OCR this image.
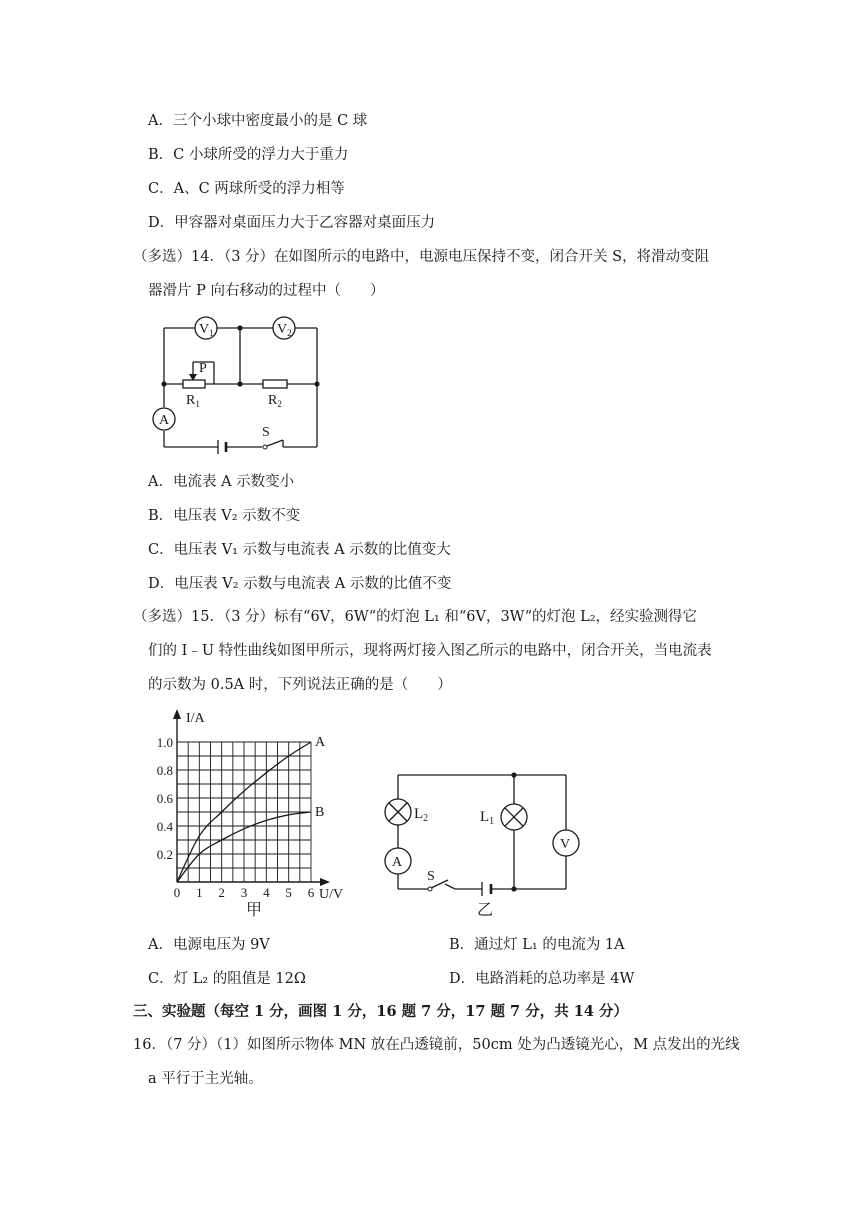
A．三个小球中密度最小的是 C 球
B．C 小球所受的浮力大于重力
C．A、C 两球所受的浮力相等
D．甲容器对桌面压力大于乙容器对桌面压力
（多选）14．（3 分）在如图所示的电路中，电源电压保持不变，闭合开关 S，将滑动变阻
器滑片 P 向右移动的过程中（　　）
$V_1$	$V_2$
A
P
$R_1$	$R_2$
S
A．电流表 A 示数变小
B．电压表 V₂ 示数不变
C．电压表 V₁ 示数与电流表 A 示数的比值变大
D．电压表 V₂ 示数与电流表 A 示数的比值不变
（多选）15．（3 分）标有“6V，6W“的灯泡 L₁ 和“6V，3W“的灯泡 L₂，经实验测得它
们的 I﹣U 特性曲线如图甲所示，现将两灯接入图乙所示的电路中，闭合开关，当电流表
的示数为 0.5A 时，下列说法正确的是（　　）
I/A
U/V
0 1 2 3 4 5 6
0.2
0.4
0.6
0.8
1.0	A
B
甲
$L_2$	$L_1$
A
V
S
乙
A．电源电压为 9V	B．通过灯 L₁ 的电流为 1A
C．灯 L₂ 的阻值是 12Ω	D．电路消耗的总功率是 4W
三、实验题（每空 1 分，画图 1 分，16 题 7 分，17 题 7 分，共 14 分）
16．（7 分）（1）如图所示物体 MN 放在凸透镜前，50cm 处为凸透镜光心，M 点发出的光线
a 平行于主光轴。
